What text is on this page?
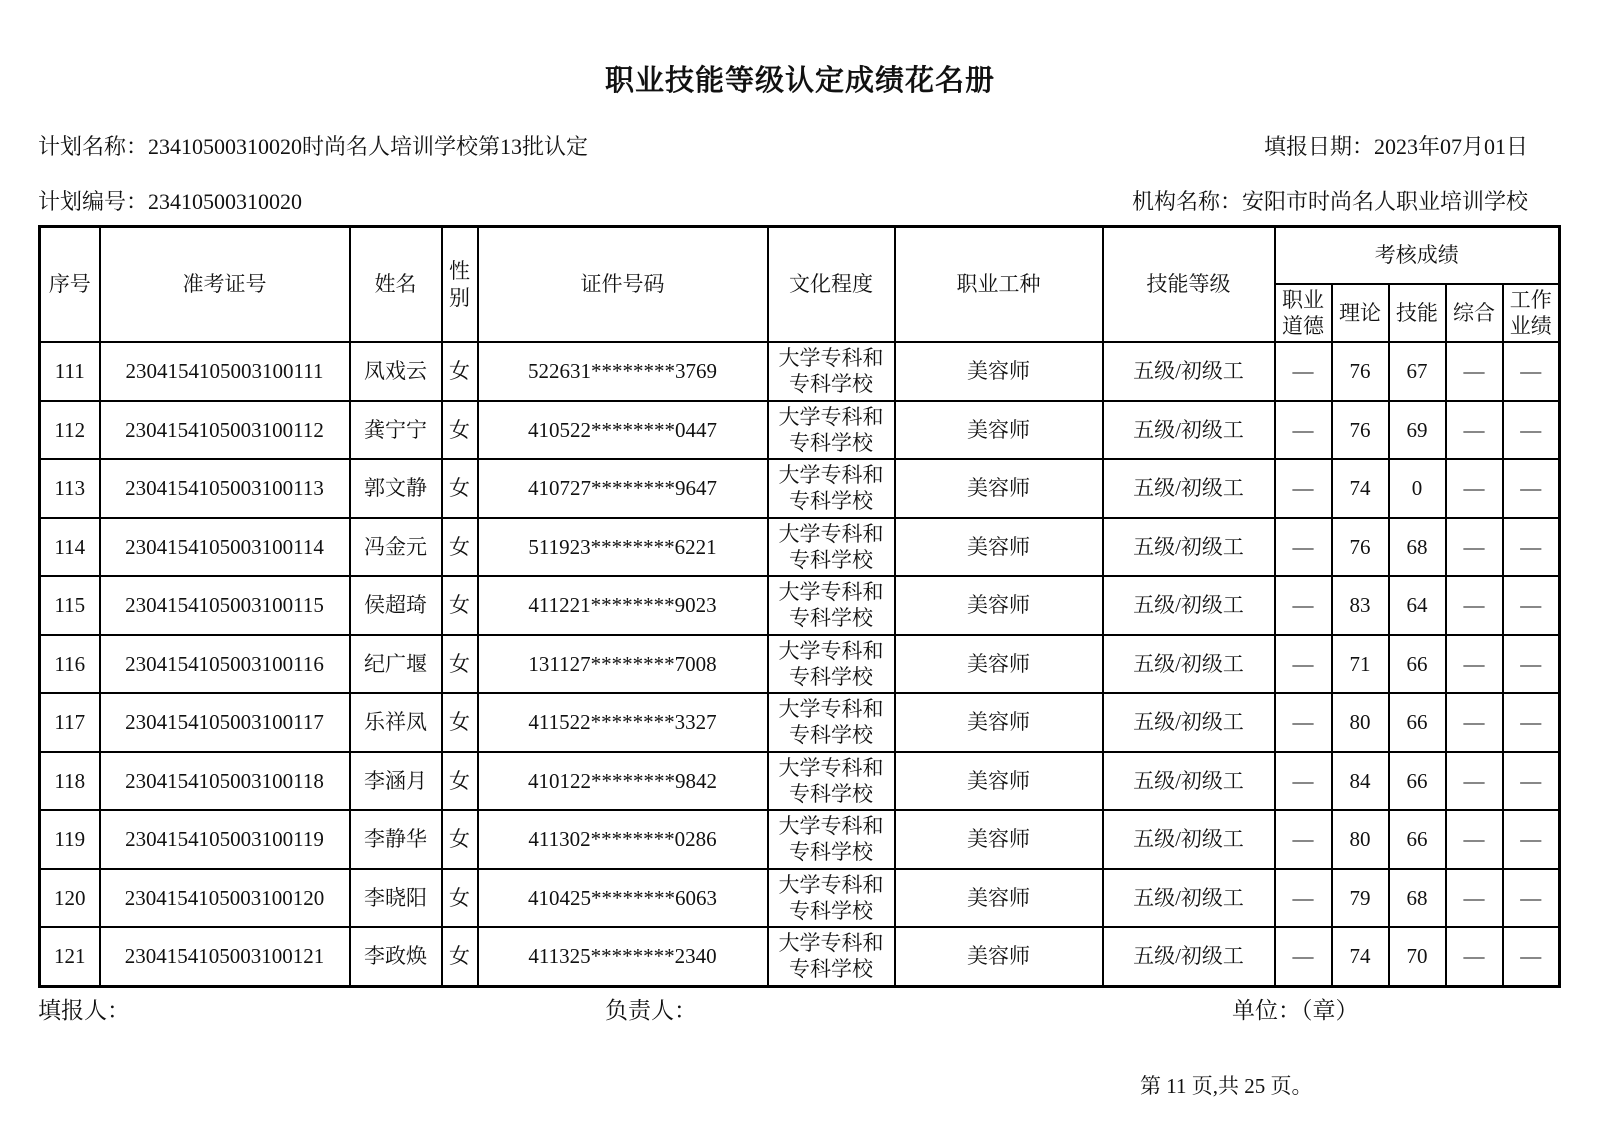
职业技能等级认定成绩花名册
计划名称：23410500310020时尚名人培训学校第13批认定	填报日期：2023年07月01日
计划编号：23410500310020	机构名称：安阳市时尚名人职业培训学校
序号	准考证号	姓名	性别	证件号码	文化程度	职业工种	技能等级	考核成绩				
								职业道德	理论	技能	综合	工作业绩
111	2304154105003100111	凤戏云	女	522631********3769	大学专科和专科学校	美容师	五级/初级工	—	76	67	—	—
112	2304154105003100112	龚宁宁	女	410522********0447	大学专科和专科学校	美容师	五级/初级工	—	76	69	—	—
113	2304154105003100113	郭文静	女	410727********9647	大学专科和专科学校	美容师	五级/初级工	—	74	0	—	—
114	2304154105003100114	冯金元	女	511923********6221	大学专科和专科学校	美容师	五级/初级工	—	76	68	—	—
115	2304154105003100115	侯超琦	女	411221********9023	大学专科和专科学校	美容师	五级/初级工	—	83	64	—	—
116	2304154105003100116	纪广堰	女	131127********7008	大学专科和专科学校	美容师	五级/初级工	—	71	66	—	—
117	2304154105003100117	乐祥凤	女	411522********3327	大学专科和专科学校	美容师	五级/初级工	—	80	66	—	—
118	2304154105003100118	李涵月	女	410122********9842	大学专科和专科学校	美容师	五级/初级工	—	84	66	—	—
119	2304154105003100119	李静华	女	411302********0286	大学专科和专科学校	美容师	五级/初级工	—	80	66	—	—
120	2304154105003100120	李晓阳	女	410425********6063	大学专科和专科学校	美容师	五级/初级工	—	79	68	—	—
121	2304154105003100121	李政焕	女	411325********2340	大学专科和专科学校	美容师	五级/初级工	—	74	70	—	—
填报人：	负责人：	单位：（章）
第 11 页,共 25 页。
